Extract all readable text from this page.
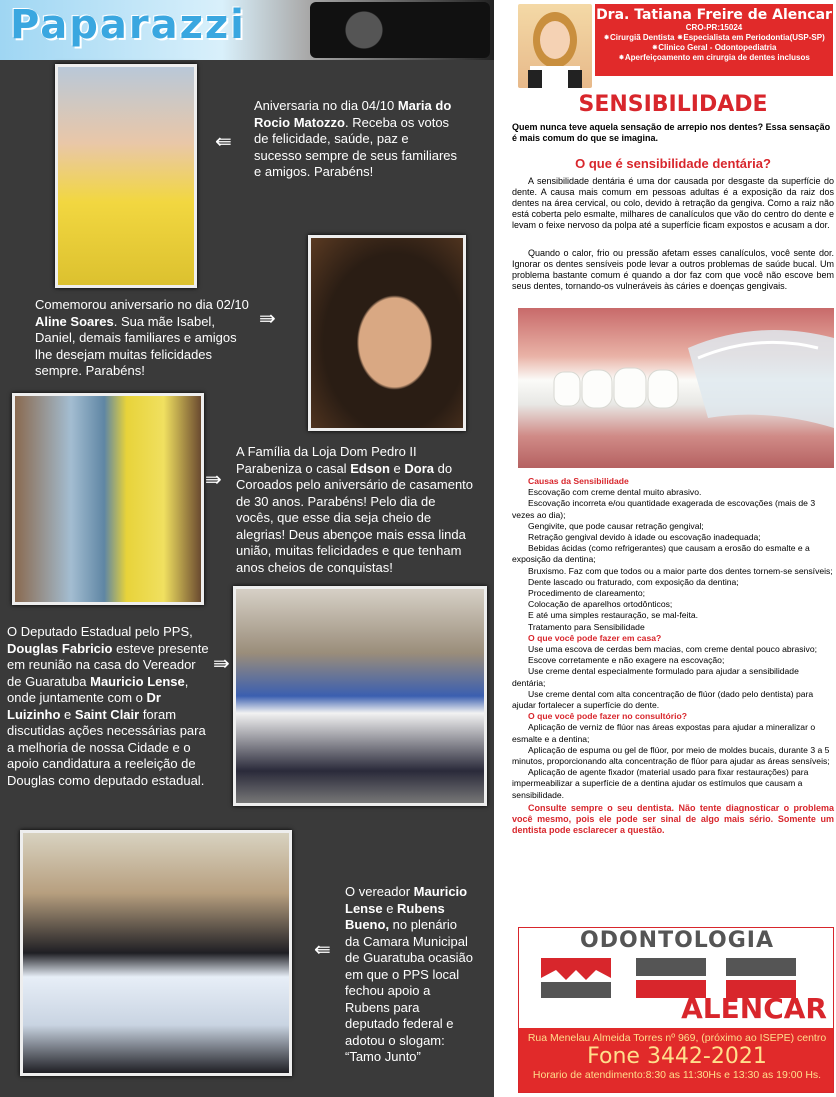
Paparazzi
⇚
Aniversaria no dia 04/10 Maria do Rocio Matozzo. Receba os votos de felicidade, saúde, paz e sucesso sempre de seus familiares e amigos. Parabéns!
⇛
Comemorou aniversario no dia 02/10 Aline Soares. Sua mãe Isabel, Daniel, demais familiares e amigos lhe desejam muitas felicidades sempre. Parabéns!
⇛
A Família da Loja Dom Pedro II Parabeniza o casal Edson e Dora do Coroados pelo aniversário de casamento de 30 anos. Parabéns! Pelo dia de vocês, que esse dia seja cheio de alegrias! Deus abençoe mais essa linda união, muitas felicidades e que tenham anos cheios de conquistas!
⇛
O Deputado Estadual pelo PPS, Douglas Fabricio esteve presente em reunião na casa do Vereador de Guaratuba Mauricio Lense, onde juntamente com o Dr Luizinho e Saint Clair foram discutidas ações necessárias para a melhoria de nossa Cidade e o apoio candidatura a reeleição de Douglas como deputado estadual.
⇚
O vereador Mauricio Lense e Rubens Bueno, no plenário da Camara Municipal de Guaratuba ocasião em que o PPS local fechou apoio a Rubens para deputado federal e adotou o slogam: “Tamo Junto”
Dra. Tatiana Freire de Alencar
CRO-PR:15024
⁕Cirurgiã Dentista ⁕Especialista em Periodontia(USP-SP)
⁕Clinico Geral - Odontopediatria
⁕Aperfeiçoamento em cirurgia de dentes inclusos
SENSIBILIDADE
Quem nunca teve aquela sensação de arrepio nos dentes? Essa sensação é mais comum do que se imagina.
O que é sensibilidade dentária?
A sensibilidade dentária é uma dor causada por desgaste da superfície do dente. A causa mais comum em pessoas adultas é a exposição da raiz dos dentes na área cervical, ou colo, devido à retração da gengiva. Como a raiz não está coberta pelo esmalte, milhares de canalículos que vão do centro do dente e levam o feixe nervoso da polpa até a superfície ficam expostos e acusam a dor.
Quando o calor, frio ou pressão afetam esses canalículos, você sente dor. Ignorar os dentes sensíveis pode levar a outros problemas de saúde bucal. Um problema bastante comum é quando a dor faz com que você não escove bem seus dentes, tornando-os vulneráveis às cáries e doenças gengivais.
Causas da Sensibilidade
Escovação com creme dental muito abrasivo.
Escovação incorreta e/ou quantidade exagerada de escovações (mais de 3 vezes ao dia);
Gengivite, que pode causar retração gengival;
Retração gengival devido à idade ou escovação inadequada;
Bebidas ácidas (como refrigerantes) que causam a erosão do esmalte e a exposição da dentina;
Bruxismo. Faz com que todos ou a maior parte dos dentes tornem-se sensíveis;
Dente lascado ou fraturado, com exposição da dentina;
Procedimento de clareamento;
Colocação de aparelhos ortodônticos;
E até uma simples restauração, se mal-feita.
Tratamento para Sensibilidade
O que você pode fazer em casa?
Use uma escova de cerdas bem macias, com creme dental pouco abrasivo;
Escove corretamente e não exagere na escovação;
Use creme dental especialmente formulado para ajudar a sensibilidade dentária;
Use creme dental com alta concentração de flúor (dado pelo dentista) para ajudar fortalecer a superfície do dente.
O que você pode fazer no consultório?
Aplicação de verniz de flúor nas áreas expostas para ajudar a mineralizar o esmalte e a dentina;
Aplicação de espuma ou gel de flúor, por meio de moldes bucais, durante 3 a 5 minutos, proporcionando alta concentração de flúor para ajudar as áreas sensíveis;
Aplicação de agente fixador (material usado para fixar restaurações) para impermeabilizar a superfície de a dentina ajudar os estímulos que causam a sensibilidade.
Consulte sempre o seu dentista. Não tente diagnosticar o problema você mesmo, pois ele pode ser sinal de algo mais sério. Somente um dentista pode esclarecer a questão.
ODONTOLOGIA
ALENCAR
Rua Menelau Almeida Torres nº 969, (próximo ao ISEPE) centro
Fone 3442-2021
Horario de atendimento:8:30 as 11:30Hs e 13:30 as 19:00 Hs.
